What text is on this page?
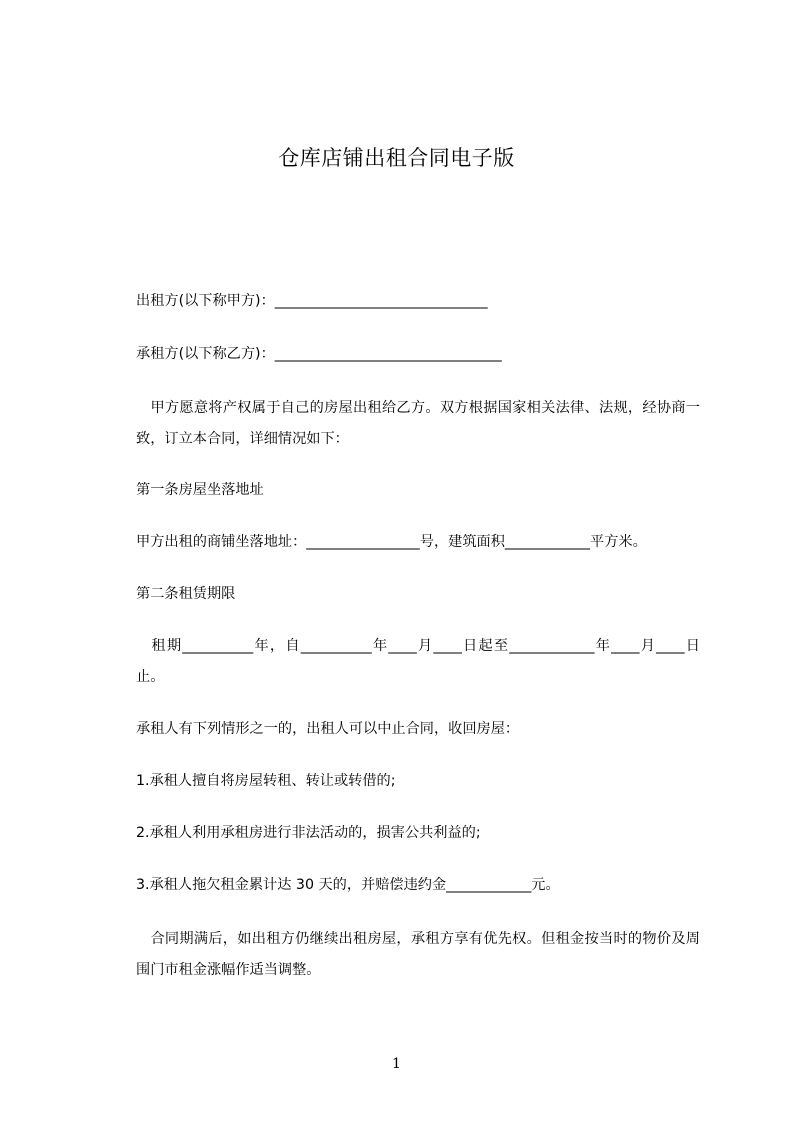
仓库店铺出租合同电子版
出租方(以下称甲方)：______________________________
承租方(以下称乙方)：________________________________
　甲方愿意将产权属于自己的房屋出租给乙方。双方根据国家相关法律、法规，经协商一致，订立本合同，详细情况如下：
第一条房屋坐落地址
甲方出租的商铺坐落地址：________________号，建筑面积____________平方米。
第二条租赁期限
　租期__________年，自__________年____月____日起至____________年____月____日止。
承租人有下列情形之一的，出租人可以中止合同，收回房屋：
1.承租人擅自将房屋转租、转让或转借的;
2.承租人利用承租房进行非法活动的，损害公共利益的;
3.承租人拖欠租金累计达 30 天的，并赔偿违约金____________元。
　合同期满后，如出租方仍继续出租房屋，承租方享有优先权。但租金按当时的物价及周围门市租金涨幅作适当调整。
1
